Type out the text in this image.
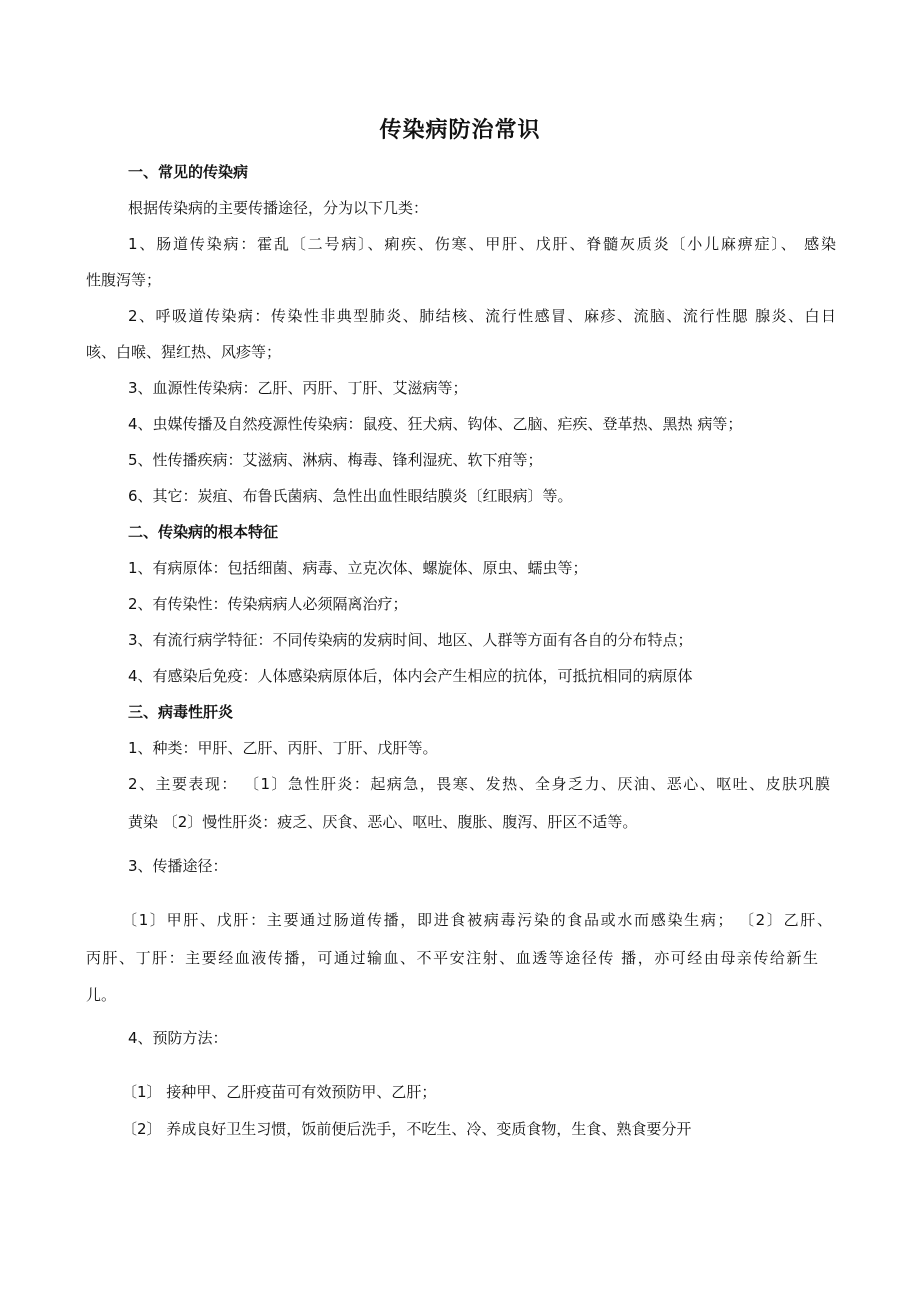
传染病防治常识
一、常见的传染病
根据传染病的主要传播途径，分为以下几类：
1、肠道传染病：霍乱〔二号病〕、痢疾、伤寒、甲肝、戊肝、脊髓灰质炎〔小儿麻痹症〕、 感染
性腹泻等；
2、呼吸道传染病：传染性非典型肺炎、肺结核、流行性感冒、麻疹、流脑、流行性腮 腺炎、白日
咳、白喉、猩红热、风疹等；
3、血源性传染病：乙肝、丙肝、丁肝、艾滋病等；
4、虫媒传播及自然疫源性传染病：鼠疫、狂犬病、钩体、乙脑、疟疾、登革热、黑热 病等；
5、性传播疾病：艾滋病、淋病、梅毒、锋利湿疣、软下疳等；
6、其它：炭疽、布鲁氏菌病、急性出血性眼结膜炎〔红眼病〕等。
二、传染病的根本特征
1、有病原体：包括细菌、病毒、立克次体、螺旋体、原虫、蠕虫等；
2、有传染性：传染病病人必须隔离治疗；
3、有流行病学特征：不同传染病的发病时间、地区、人群等方面有各自的分布特点；
4、有感染后免疫：人体感染病原体后，体内会产生相应的抗体，可抵抗相同的病原体
三、病毒性肝炎
1、种类：甲肝、乙肝、丙肝、丁肝、戊肝等。
2、主要表现： 〔1〕急性肝炎：起病急，畏寒、发热、全身乏力、厌油、恶心、呕吐、皮肤巩膜
黄染 〔2〕慢性肝炎：疲乏、厌食、恶心、呕吐、腹胀、腹泻、肝区不适等。
3、传播途径：
〔1〕甲肝、戊肝：主要通过肠道传播，即进食被病毒污染的食品或水而感染生病； 〔2〕乙肝、
丙肝、丁肝：主要经血液传播，可通过输血、不平安注射、血透等途径传 播，亦可经由母亲传给新生
儿。
4、预防方法：
〔1〕 接种甲、乙肝疫苗可有效预防甲、乙肝；
〔2〕 养成良好卫生习惯，饭前便后洗手，不吃生、冷、变质食物，生食、熟食要分开
